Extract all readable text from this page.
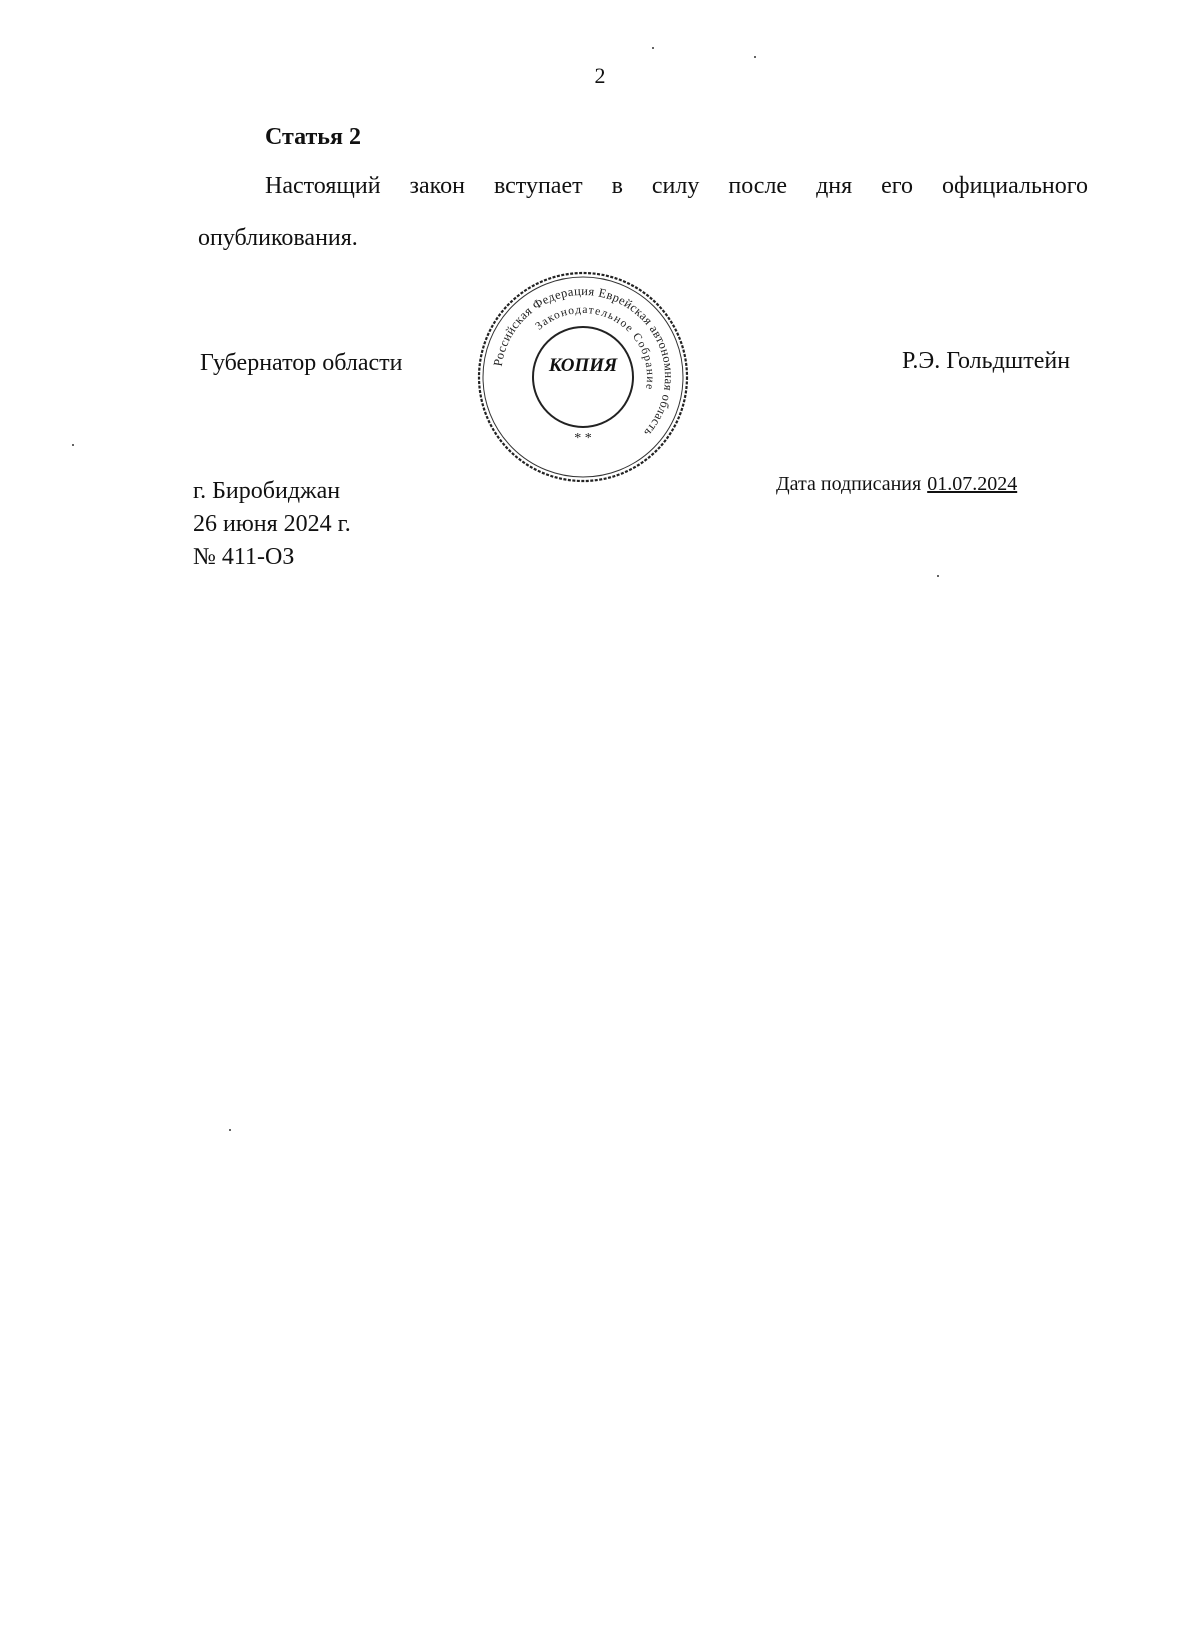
2
Статья 2
Настоящий закон вступает в силу после дня его официального
опубликования.
Губернатор области	Р.Э. Гольдштейн
Российская Федерация Еврейская автономная область
Законодательное Собрание
КОПИЯ
* *
г. Биробиджан
26 июня 2024 г.
№ 411-ОЗ
Дата подписания 01.07.2024
